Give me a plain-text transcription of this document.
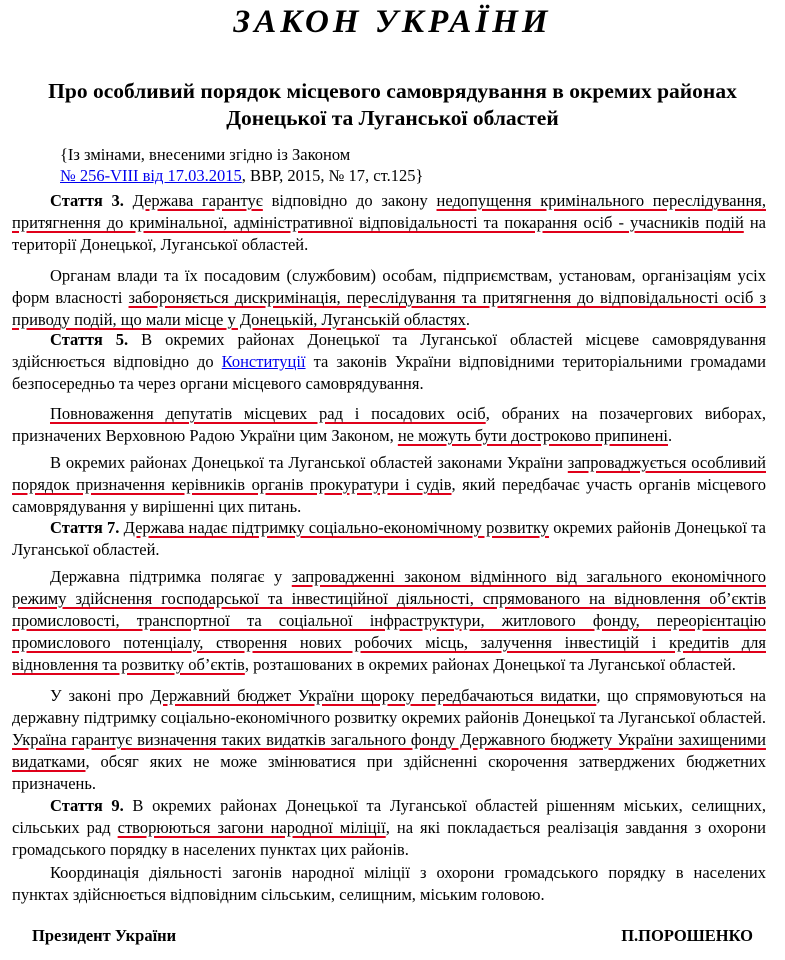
ЗАКОН УКРАЇНИ
Про особливий порядок місцевого самоврядування в окремих районах Донецької та Луганської областей
{Із змінами, внесеними згідно із Законом
№ 256-VIII від 17.03.2015, ВВР, 2015, № 17, ст.125}
Стаття 3. Держава гарантує відповідно до закону недопущення кримінального переслідування, притягнення до кримінальної, адміністративної відповідальності та покарання осіб - учасників подій на території Донецької, Луганської областей.
Органам влади та їх посадовим (службовим) особам, підприємствам, установам, організаціям усіх форм власності забороняється дискримінація, переслідування та притягнення до відповідальності осіб з приводу подій, що мали місце у Донецькій, Луганській областях.
Стаття 5. В окремих районах Донецької та Луганської областей місцеве самоврядування здійснюється відповідно до Конституції та законів України відповідними територіальними громадами безпосередньо та через органи місцевого самоврядування.
Повноваження депутатів місцевих рад і посадових осіб, обраних на позачергових виборах, призначених Верховною Радою України цим Законом, не можуть бути достроково припинені.
В окремих районах Донецької та Луганської областей законами України запроваджується особливий порядок призначення керівників органів прокуратури і судів, який передбачає участь органів місцевого самоврядування у вирішенні цих питань.
Стаття 7. Держава надає підтримку соціально-економічному розвитку окремих районів Донецької та Луганської областей.
Державна підтримка полягає у запровадженні законом відмінного від загального економічного режиму здійснення господарської та інвестиційної діяльності, спрямованого на відновлення об’єктів промисловості, транспортної та соціальної інфраструктури, житлового фонду, переорієнтацію промислового потенціалу, створення нових робочих місць, залучення інвестицій і кредитів для відновлення та розвитку об’єктів, розташованих в окремих районах Донецької та Луганської областей.
У законі про Державний бюджет України щороку передбачаються видатки, що спрямовуються на державну підтримку соціально-економічного розвитку окремих районів Донецької та Луганської областей. Україна гарантує визначення таких видатків загального фонду Державного бюджету України захищеними видатками, обсяг яких не може змінюватися при здійсненні скорочення затверджених бюджетних призначень.
Стаття 9. В окремих районах Донецької та Луганської областей рішенням міських, селищних, сільських рад створюються загони народної міліції, на які покладається реалізація завдання з охорони громадського порядку в населених пунктах цих районів.
Координація діяльності загонів народної міліції з охорони громадського порядку в населених пунктах здійснюється відповідним сільським, селищним, міським головою.
Президент України	П.ПОРОШЕНКО
